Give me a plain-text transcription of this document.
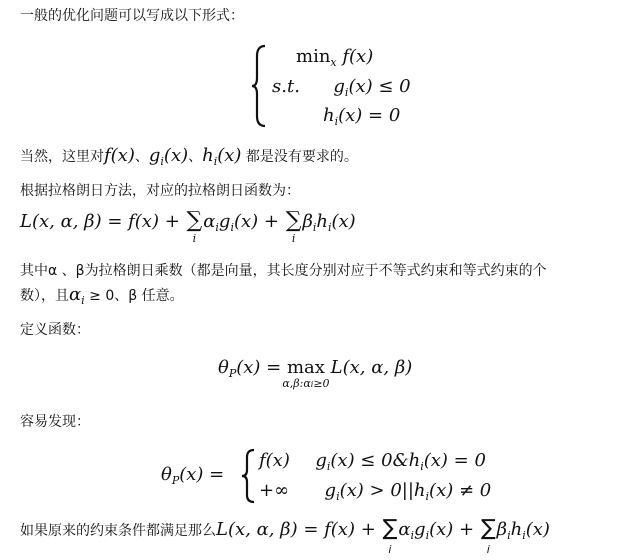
一般的优化问题可以写成以下形式：
$\min_x f(x)$
s.t. $g_i(x) \le 0$
$h_i(x) = 0$
当然，这里对f(x)、$g_i(x)$、$h_i(x)$ 都是没有要求的。
根据拉格朗日方法，对应的拉格朗日函数为：
L(x, α, β) = f(x) + ∑
i
$\alpha_ig_i(x)$ + ∑
i
$\beta_ih_i(x)$
其中α 、β为拉格朗日乘数（都是向量，其长度分别对应于不等式约束和等式约束的个
数），且$\alpha_i \ge 0$、β 任意。
定义函数：
$\theta_P(x) = \max$
α,β:αi≥0
L(x, α, β)
容易发现：
$\theta_P(x)$ =
f(x) $g_i(x)$ ≤ $0\&h_i(x) = 0$
+∞ $g_i(x) > 0||h_i(x) \ne 0$
如果原来的约束条件都满足那么L(x, α, β) = f(x) + ∑
i
$\alpha_ig_i(x)$ + ∑
i
$\beta_ih_i(x)$
